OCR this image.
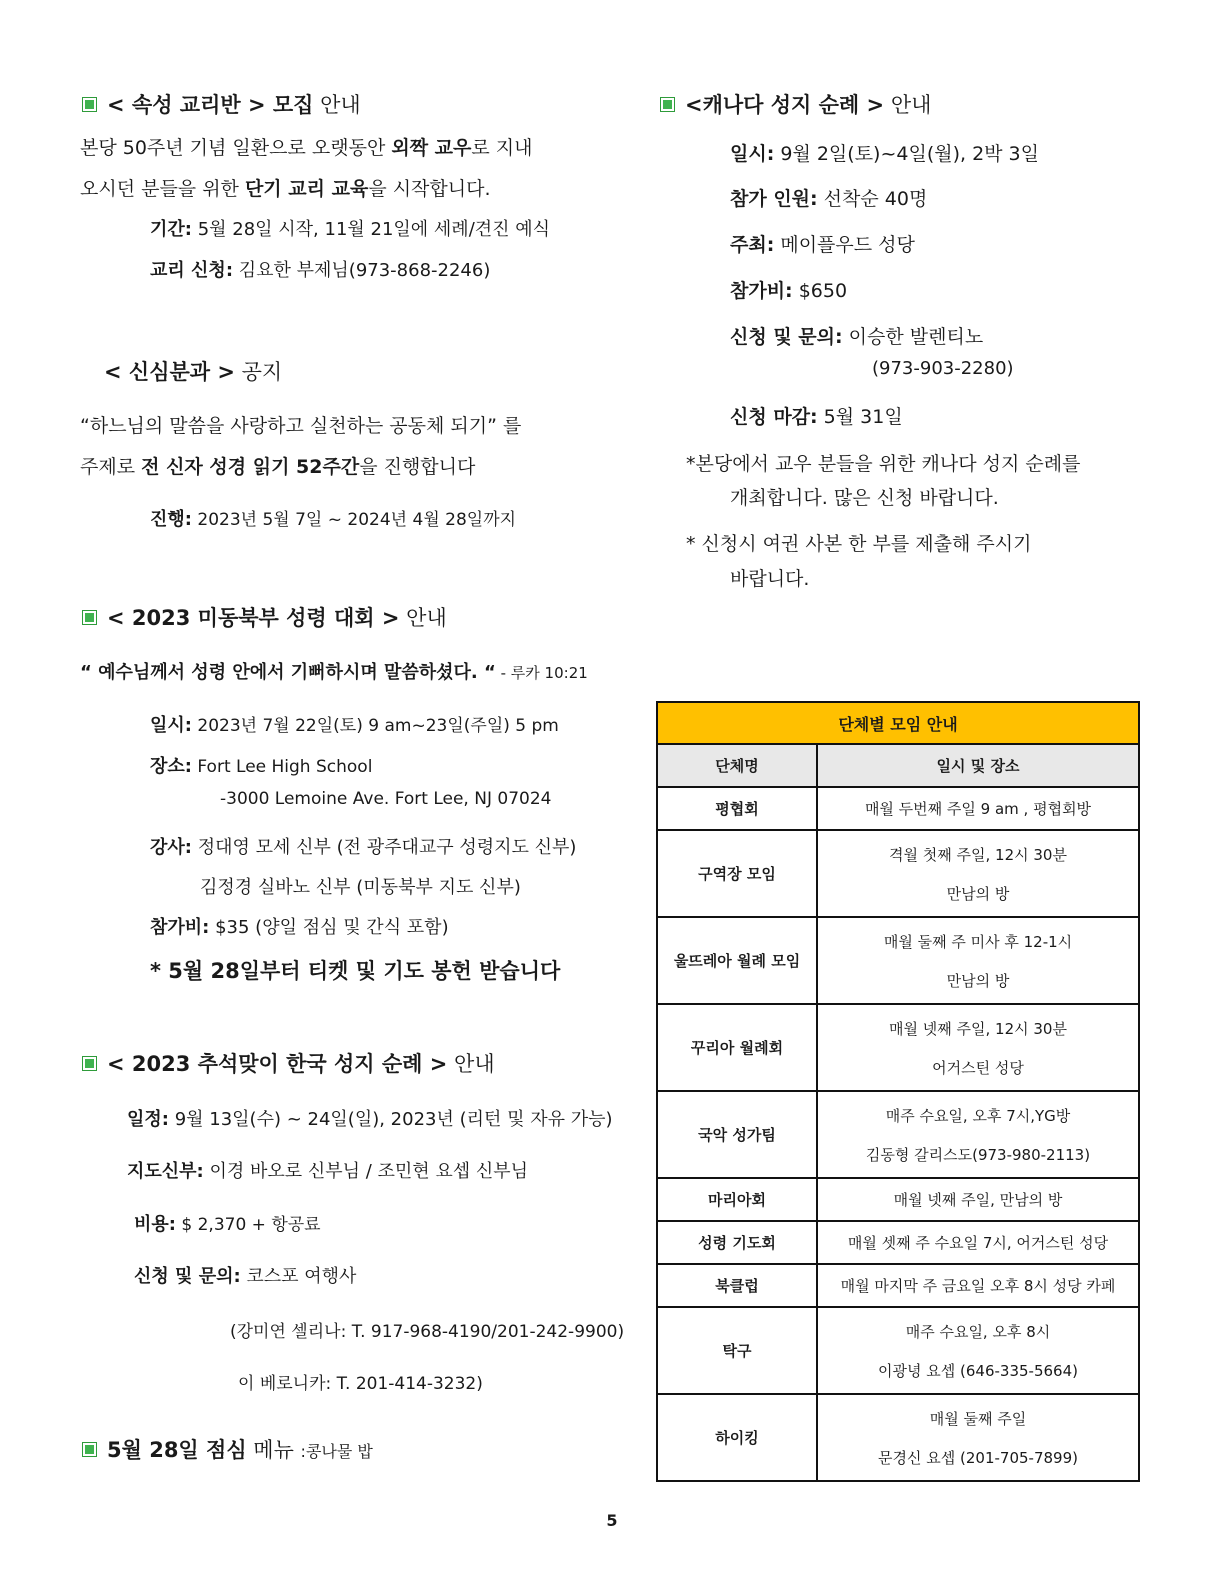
< 속성 교리반 > 모집 안내
본당 50주년 기념 일환으로 오랫동안 외짝 교우로 지내
오시던 분들을 위한 단기 교리 교육을 시작합니다.
기간: 5월 28일 시작, 11월 21일에 세례/견진 예식
교리 신청: 김요한 부제님(973-868-2246)
< 신심분과 > 공지
“하느님의 말씀을 사랑하고 실천하는 공동체 되기” 를
주제로 전 신자 성경 읽기 52주간을 진행합니다
진행: 2023년 5월 7일 ~ 2024년 4월 28일까지
< 2023 미동북부 성령 대회 > 안내
“ 예수님께서 성령 안에서 기뻐하시며 말씀하셨다. “ - 루카 10:21
일시: 2023년 7월 22일(토) 9 am~23일(주일) 5 pm
장소: Fort Lee High School
-3000 Lemoine Ave. Fort Lee, NJ 07024
강사: 정대영 모세 신부 (전 광주대교구 성령지도 신부)
김정경 실바노 신부 (미동북부 지도 신부)
참가비: $35 (양일 점심 및 간식 포함)
* 5월 28일부터 티켓 및 기도 봉헌 받습니다
< 2023 추석맞이 한국 성지 순례 > 안내
일정: 9월 13일(수) ~ 24일(일), 2023년 (리턴 및 자유 가능)
지도신부: 이경 바오로 신부님 / 조민현 요셉 신부님
비용: $ 2,370 + 항공료
신청 및 문의: 코스포 여행사
(강미연 셀리나: T. 917-968-4190/201-242-9900)
이 베로니카: T. 201-414-3232)
5월 28일 점심 메뉴 :콩나물 밥
<캐나다 성지 순례 > 안내
일시: 9월 2일(토)~4일(월), 2박 3일
참가 인원: 선착순 40명
주최: 메이플우드 성당
참가비: $650
신청 및 문의: 이승한 발렌티노
(973-903-2280)
신청 마감: 5월 31일
*본당에서 교우 분들을 위한 캐나다 성지 순례를
개최합니다. 많은 신청 바랍니다.
* 신청시 여권 사본 한 부를 제출해 주시기
바랍니다.
단체별 모임 안내	
단체명	일시 및 장소
평협회	매월 두번째 주일 9 am , 평협회방
구역장 모임	격월 첫째 주일, 12시 30분
만남의 방

울뜨레아 월례 모임	매월 둘째 주 미사 후 12-1시
만남의 방

꾸리아 월례회	매월 넷째 주일, 12시 30분
어거스틴 성당

국악 성가팀	매주 수요일, 오후 7시,YG방
김동형 갈리스도(973-980-2113)

마리아회	매월 넷째 주일, 만남의 방
성령 기도회	매월 셋째 주 수요일 7시, 어거스틴 성당
북클럽	매월 마지막 주 금요일 오후 8시 성당 카페
탁구	매주 수요일, 오후 8시
이광녕 요셉 (646-335-5664)

하이킹	매월 둘째 주일
문경신 요셉 (201-705-7899)
5
